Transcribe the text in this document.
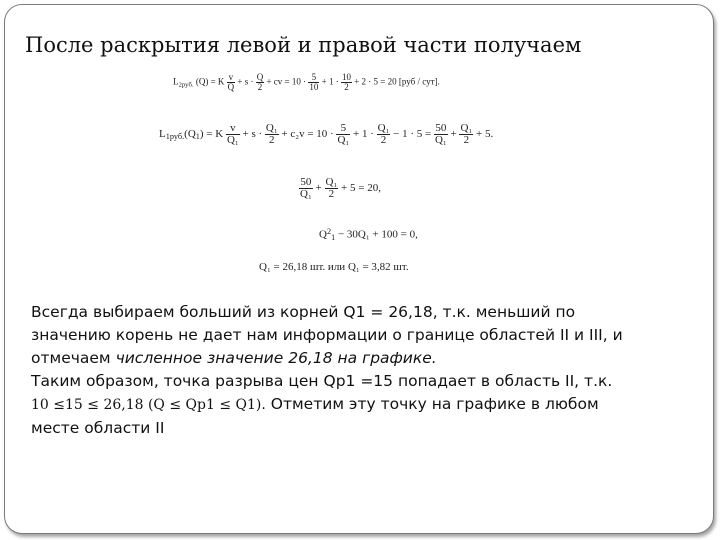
После раскрытия левой и правой части получаем
$L_{2руб.}$ (Q) = K $\frac{v}{Q} + s \cdot \frac{Q}{2}$ + cv = $10 \cdot \frac{5}{10} + 1 \cdot \frac{10}{2} + 2 \cdot 5 = 20$ [руб / сут].
$L_{1руб.}(Q_1) = K \frac{v}{\text{Q₁}} + s \cdot \frac{\text{Q₁}}{2} + c_2v = 10 \cdot \frac{5}{\text{Q₁}} + 1 \cdot \frac{\text{Q₁}}{2} - 1 \cdot 5 = \frac{50}{\text{Q₁}} + \frac{\text{Q₁}}{2} + 5$.
$\frac{50}{\text{Q₁}} + \frac{\text{Q₁}}{2} + 5 = 20$,
$Q^2_1 - 30Q_1 + 100 = 0$,
Q₁ = 26,18 шт. или Q₁ = 3,82 шт.

Всегда выбираем больший из корней Q1 = 26,18, т.к. меньший по

значению корень не дает нам информации о границе областей II и III, и

отмечаем численное значение 26,18 на графике.

Таким образом, точка разрыва цен Qp1 =15 попадает в область II, т.к.

10 ≤15 ≤ 26,18 (Q ≤ Qp1 ≤ Q1). Отметим эту точку на графике в любом

месте области II
